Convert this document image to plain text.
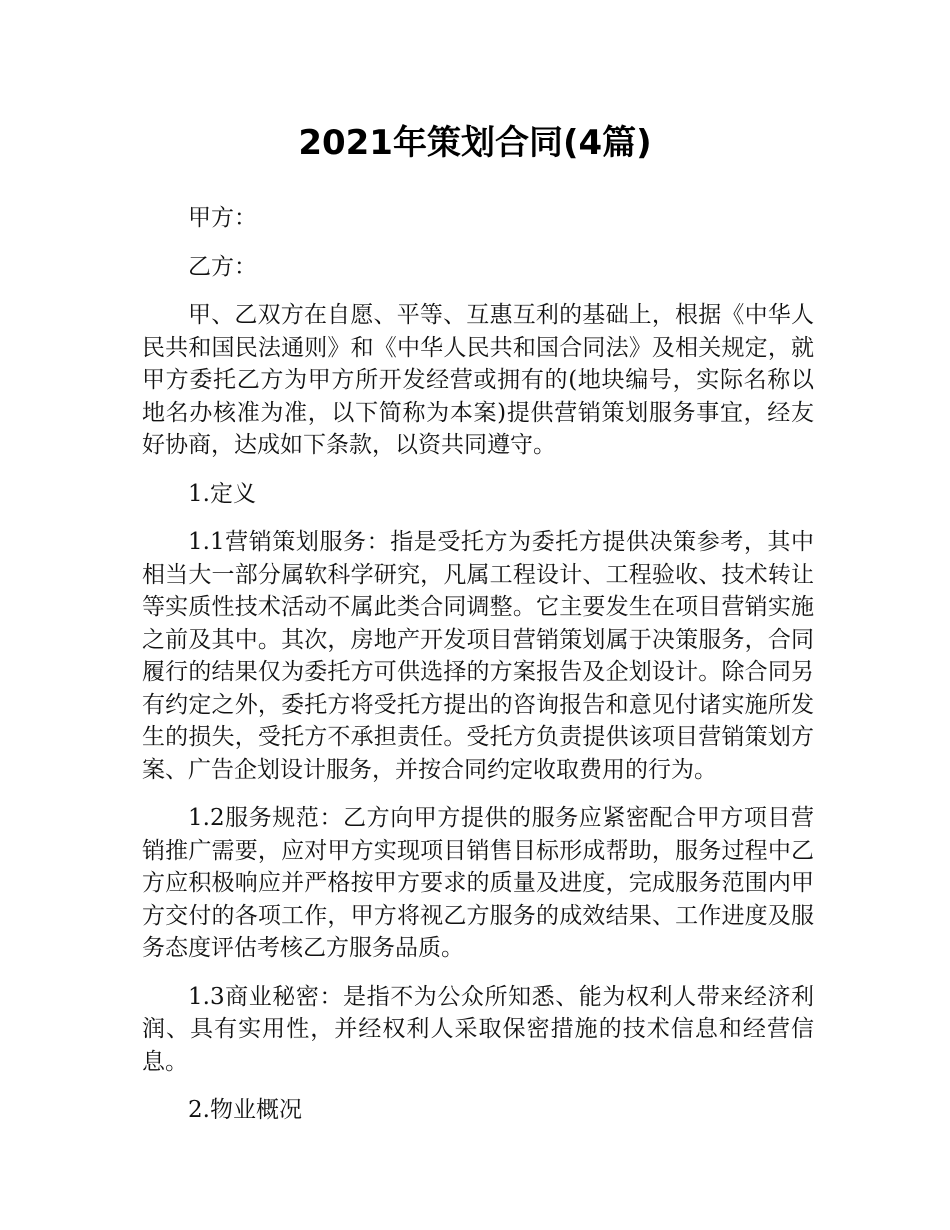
2021年策划合同(4篇)

甲方：

乙方：

甲、乙双方在自愿、平等、互惠互利的基础上，根据《中华人民共和国民法通则》和《中华人民共和国合同法》及相关规定，就甲方委托乙方为甲方所开发经营或拥有的(地块编号，实际名称以地名办核准为准，以下简称为本案)提供营销策划服务事宜，经友好协商，达成如下条款，以资共同遵守。

1.定义

1.1营销策划服务：指是受托方为委托方提供决策参考，其中相当大一部分属软科学研究，凡属工程设计、工程验收、技术转让等实质性技术活动不属此类合同调整。它主要发生在项目营销实施之前及其中。其次，房地产开发项目营销策划属于决策服务，合同履行的结果仅为委托方可供选择的方案报告及企划设计。除合同另有约定之外，委托方将受托方提出的咨询报告和意见付诸实施所发生的损失，受托方不承担责任。受托方负责提供该项目营销策划方案、广告企划设计服务，并按合同约定收取费用的行为。

1.2服务规范：乙方向甲方提供的服务应紧密配合甲方项目营销推广需要，应对甲方实现项目销售目标形成帮助，服务过程中乙方应积极响应并严格按甲方要求的质量及进度，完成服务范围内甲方交付的各项工作，甲方将视乙方服务的成效结果、工作进度及服务态度评估考核乙方服务品质。

1.3商业秘密：是指不为公众所知悉、能为权利人带来经济利润、具有实用性，并经权利人采取保密措施的技术信息和经营信息。

2.物业概况
